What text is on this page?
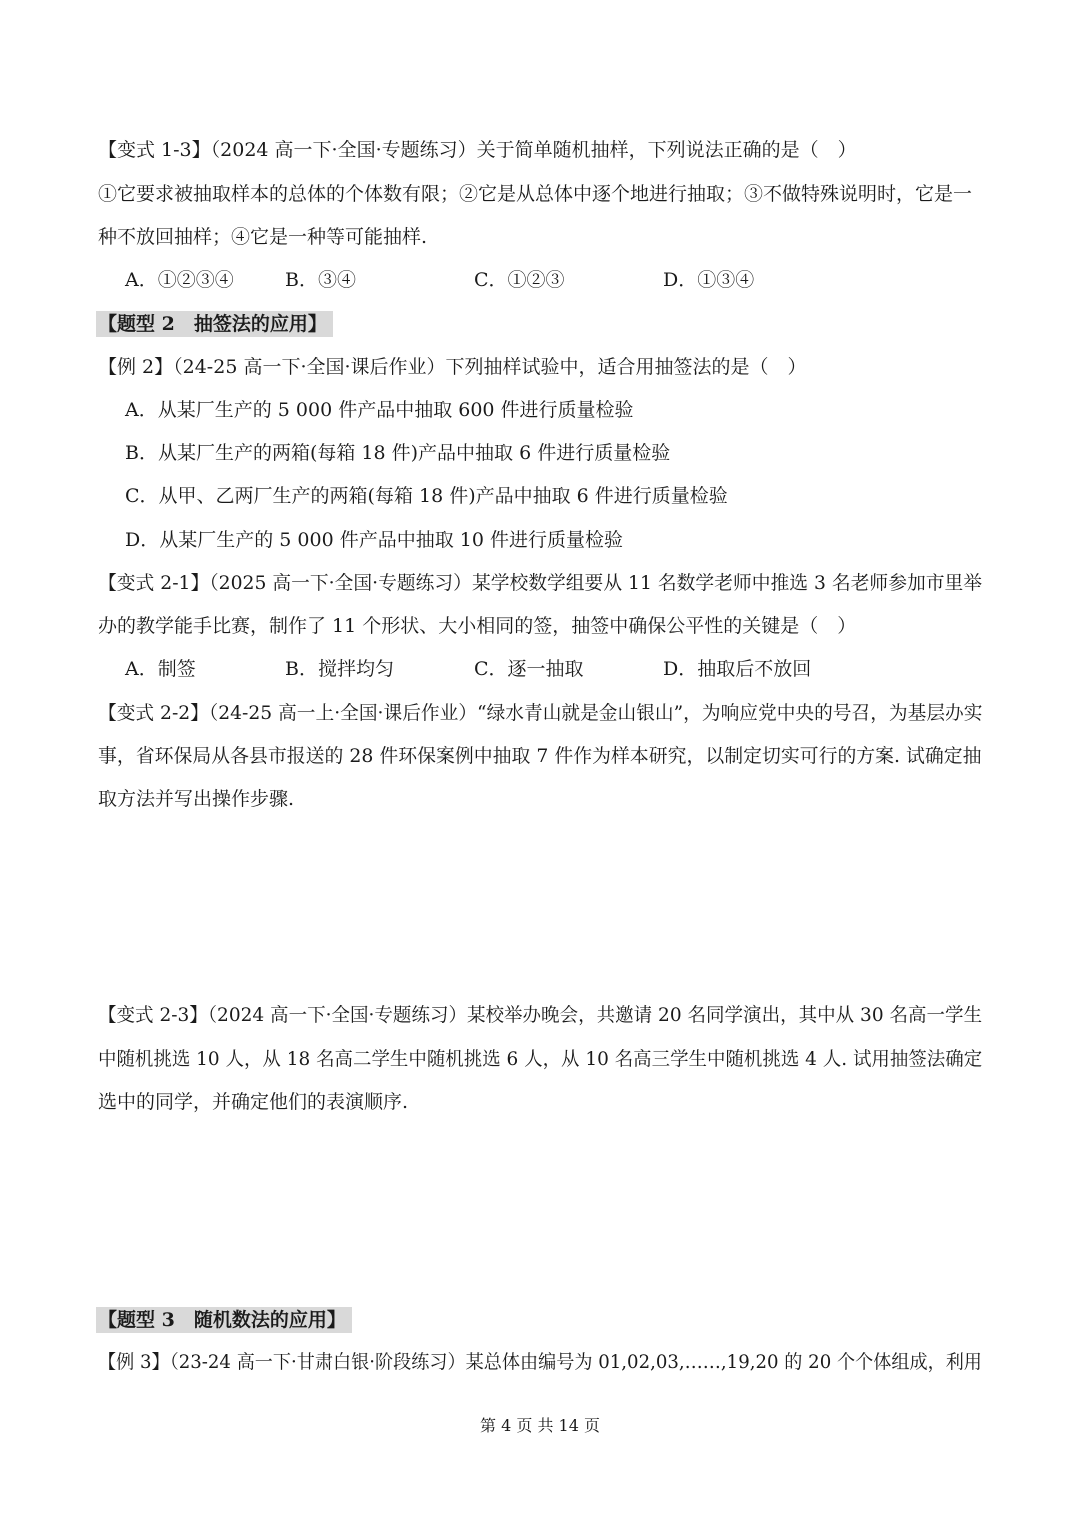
【变式 1-3】（2024 高一下·全国·专题练习）关于简单随机抽样，下列说法正确的是（　）
①它要求被抽取样本的总体的个体数有限；②它是从总体中逐个地进行抽取；③不做特殊说明时，它是一
种不放回抽样；④它是一种等可能抽样.
A．①②③④	B．③④	C．①②③	D．①③④
【题型 2　抽签法的应用】
【例 2】（24-25 高一下·全国·课后作业）下列抽样试验中，适合用抽签法的是（　）
A．从某厂生产的 5 000 件产品中抽取 600 件进行质量检验
B．从某厂生产的两箱(每箱 18 件)产品中抽取 6 件进行质量检验
C．从甲、乙两厂生产的两箱(每箱 18 件)产品中抽取 6 件进行质量检验
D．从某厂生产的 5 000 件产品中抽取 10 件进行质量检验
【变式 2-1】（2025 高一下·全国·专题练习）某学校数学组要从 11 名数学老师中推选 3 名老师参加市里举
办的教学能手比赛，制作了 11 个形状、大小相同的签，抽签中确保公平性的关键是（　）
A．制签	B．搅拌均匀	C．逐一抽取	D．抽取后不放回
【变式 2-2】（24-25 高一上·全国·课后作业）“绿水青山就是金山银山”，为响应党中央的号召，为基层办实
事，省环保局从各县市报送的 28 件环保案例中抽取 7 件作为样本研究，以制定切实可行的方案. 试确定抽
取方法并写出操作步骤.
【变式 2-3】（2024 高一下·全国·专题练习）某校举办晚会，共邀请 20 名同学演出，其中从 30 名高一学生
中随机挑选 10 人，从 18 名高二学生中随机挑选 6 人，从 10 名高三学生中随机挑选 4 人. 试用抽签法确定
选中的同学，并确定他们的表演顺序.
【题型 3　随机数法的应用】
【例 3】（23-24 高一下·甘肃白银·阶段练习）某总体由编号为 01,02,03,……,19,20 的 20 个个体组成，利用
第 4 页 共 14 页
